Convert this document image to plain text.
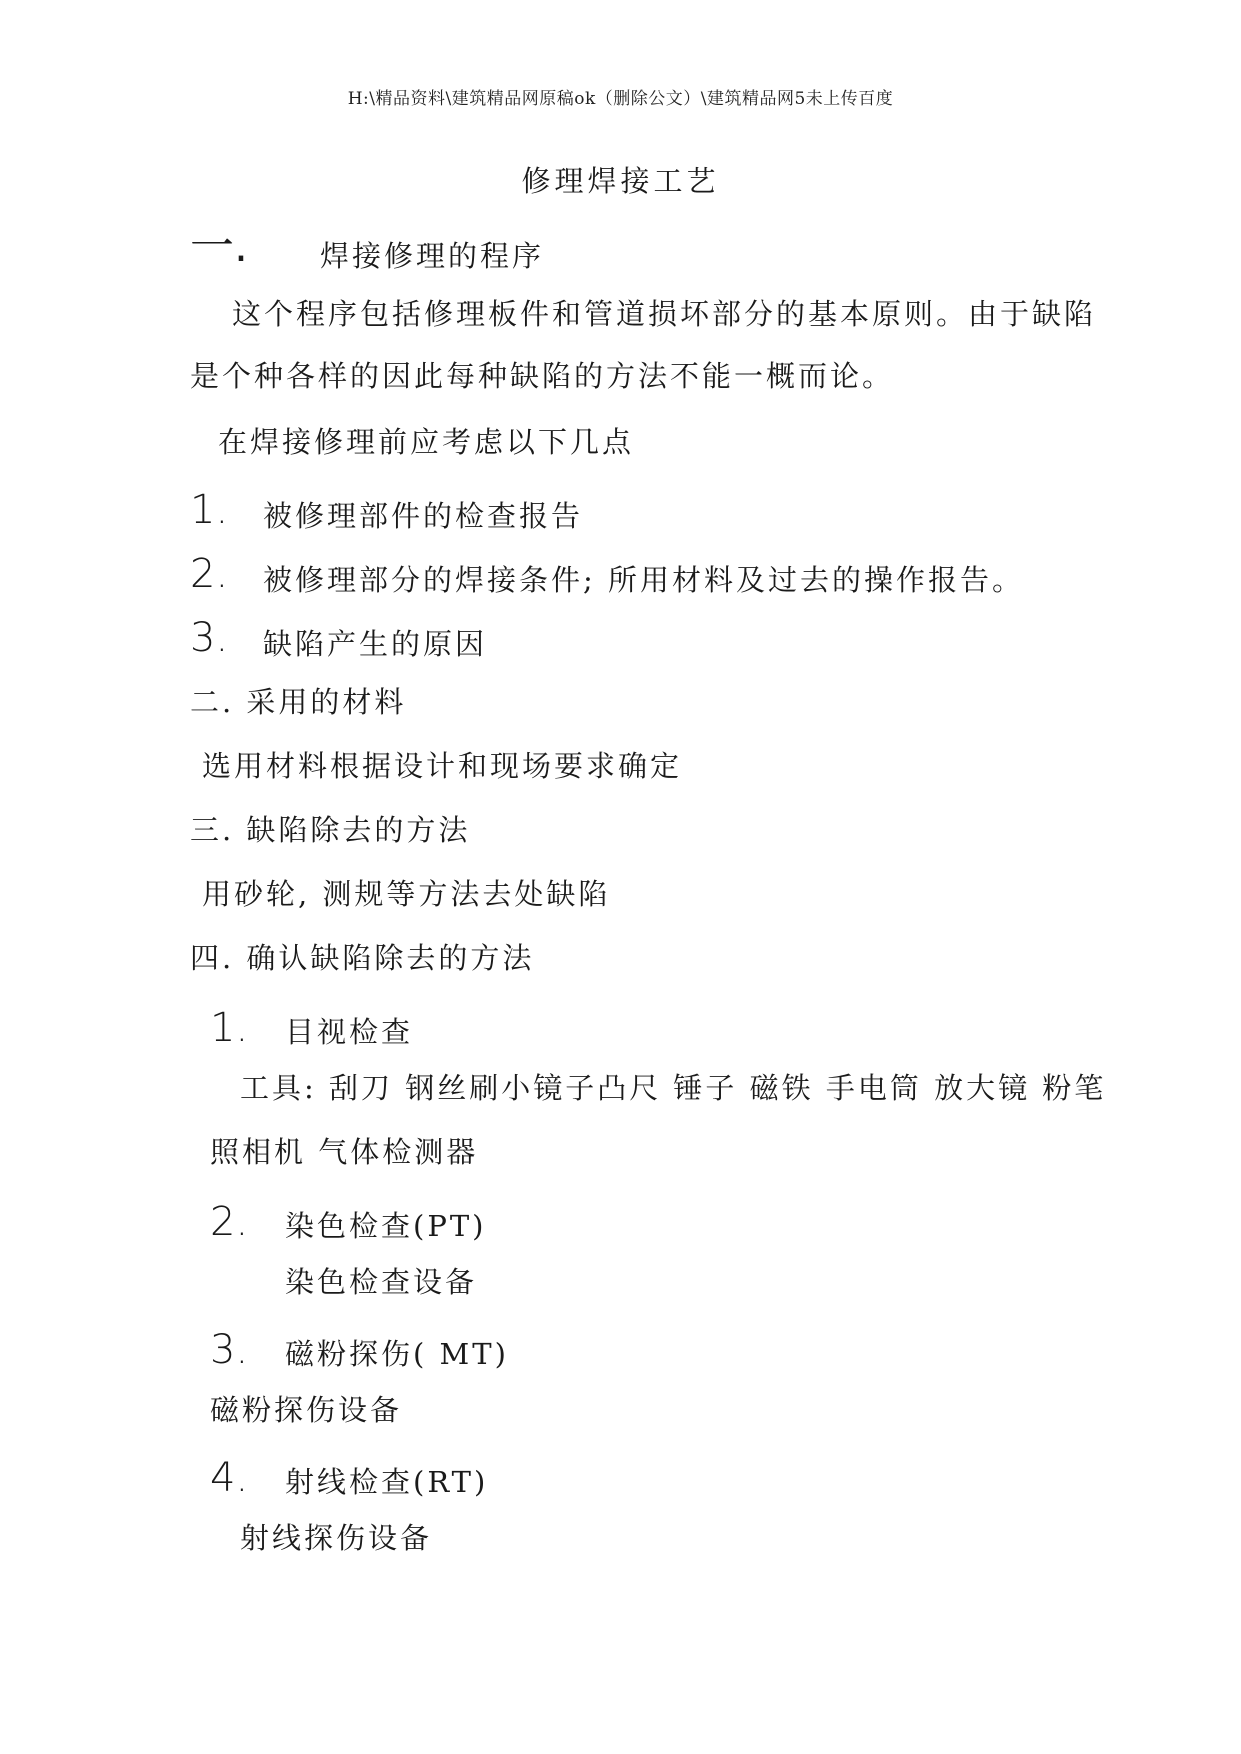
H:\精品资料\建筑精品网原稿ok（删除公文）\建筑精品网5未上传百度
修理焊接工艺
一. 焊接修理的程序
这个程序包括修理板件和管道损坏部分的基本原则。由于缺陷
是个种各样的因此每种缺陷的方法不能一概而论。
在焊接修理前应考虑以下几点
1. 被修理部件的检查报告
2. 被修理部分的焊接条件; 所用材料及过去的操作报告。
3. 缺陷产生的原因
二. 采用的材料
选用材料根据设计和现场要求确定
三. 缺陷除去的方法
用砂轮, 测规等方法去处缺陷
四. 确认缺陷除去的方法
1. 目视检查
工具: 刮刀 钢丝刷小镜子凸尺 锤子 磁铁 手电筒 放大镜 粉笔
照相机 气体检测器
2. 染色检查(PT)
染色检查设备
3. 磁粉探伤( MT)
磁粉探伤设备
4. 射线检查(RT)
射线探伤设备
